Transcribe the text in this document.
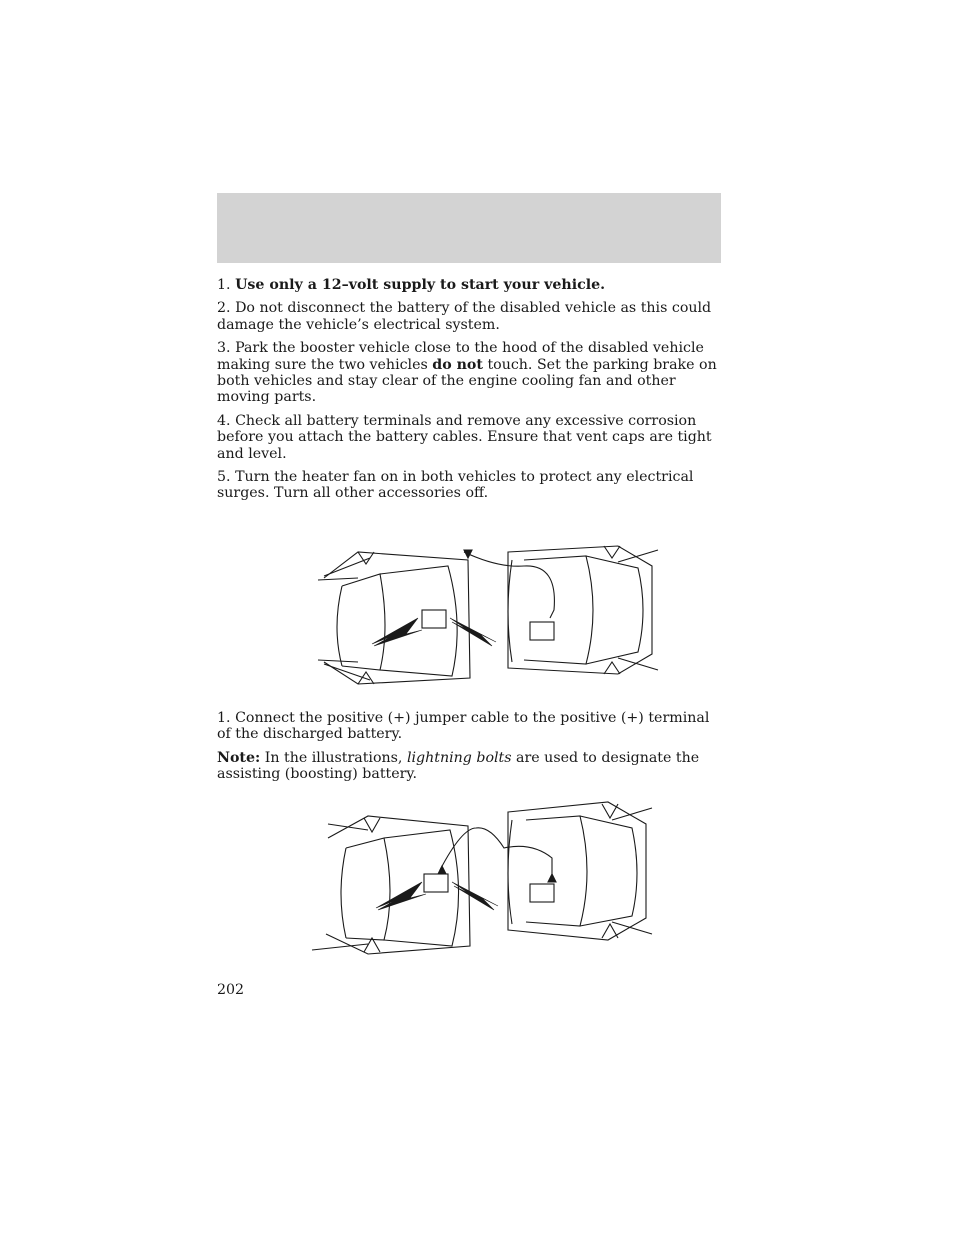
1. Use only a 12–volt supply to start your vehicle.

2. Do not disconnect the battery of the disabled vehicle as this could damage the vehicle’s electrical system.

3. Park the booster vehicle close to the hood of the disabled vehicle making sure the two vehicles do not touch. Set the parking brake on both vehicles and stay clear of the engine cooling fan and other moving parts.

4. Check all battery terminals and remove any excessive corrosion before you attach the battery cables. Ensure that vent caps are tight and level.

5. Turn the heater fan on in both vehicles to protect any electrical surges. Turn all other accessories off.

1. Connect the positive (+) jumper cable to the positive (+) terminal of the discharged battery.

Note: In the illustrations, lightning bolts are used to designate the assisting (boosting) battery.

202
